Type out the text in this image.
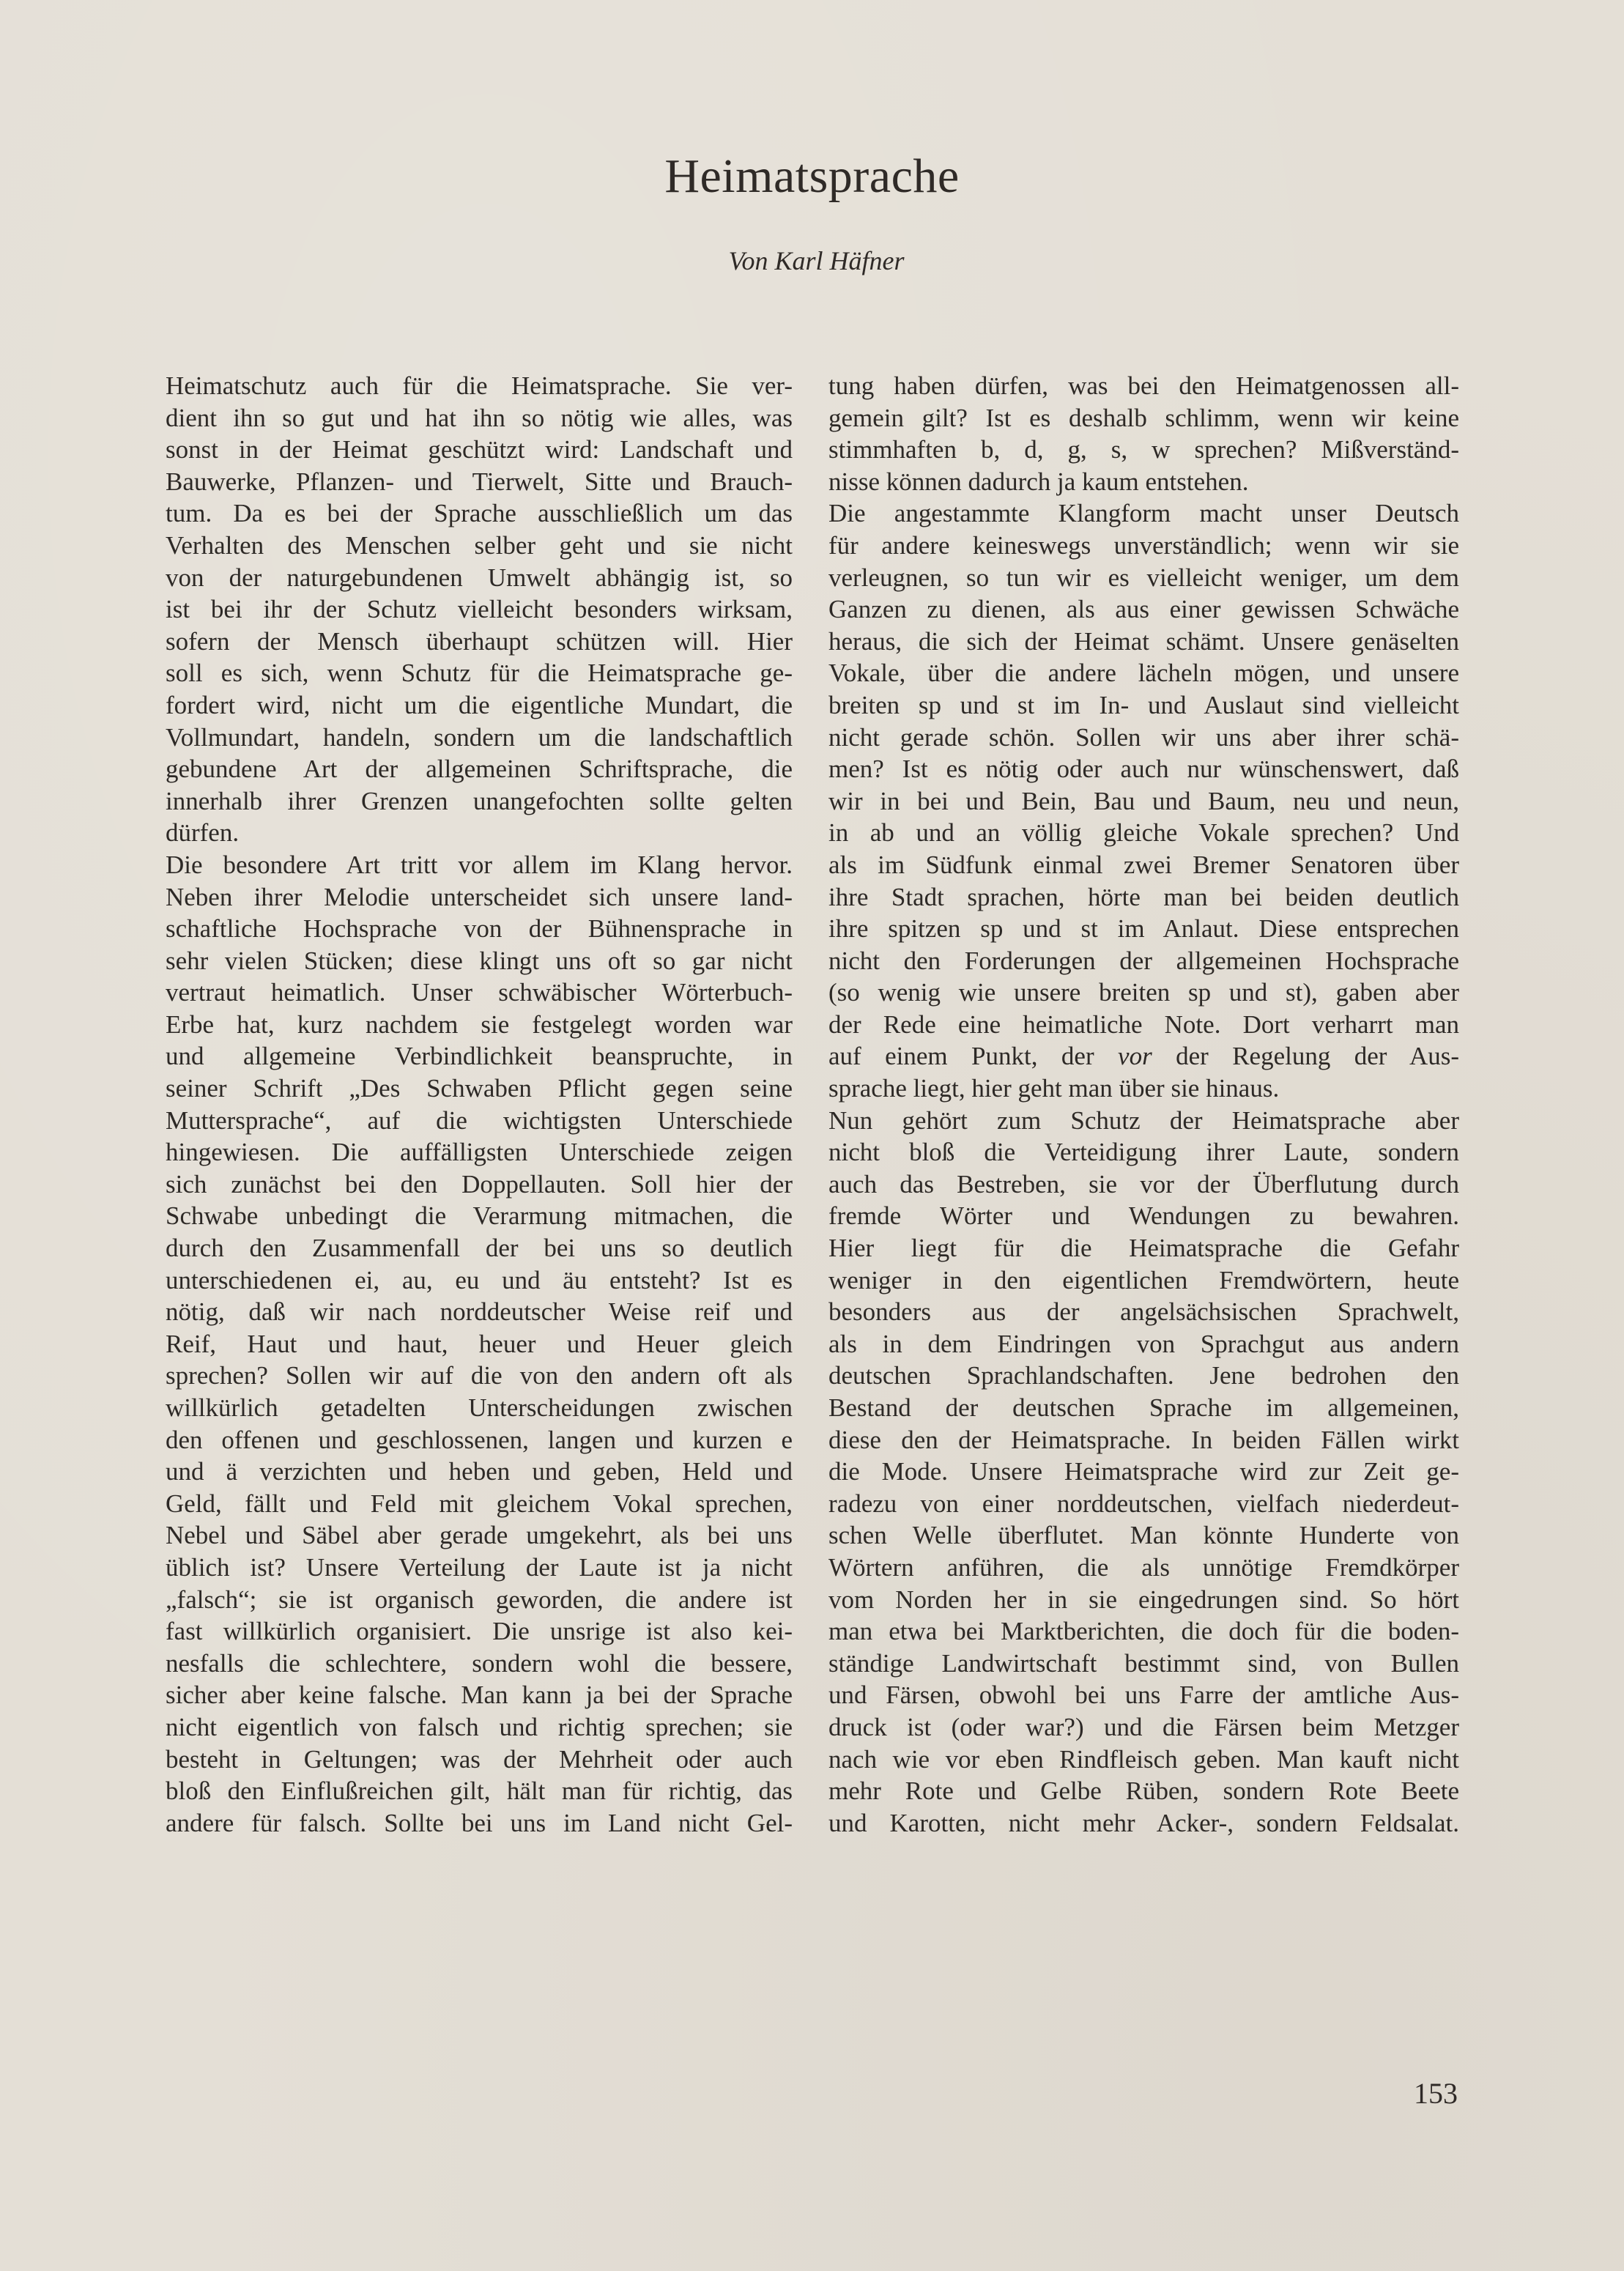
Heimatsprache
Von Karl Häfner
Heimatschutz auch für die Heimatsprache. Sie ver-
dient ihn so gut und hat ihn so nötig wie alles, was
sonst in der Heimat geschützt wird: Landschaft und
Bauwerke, Pflanzen- und Tierwelt, Sitte und Brauch-
tum. Da es bei der Sprache ausschließlich um das
Verhalten des Menschen selber geht und sie nicht
von der naturgebundenen Umwelt abhängig ist, so
ist bei ihr der Schutz vielleicht besonders wirksam,
sofern der Mensch überhaupt schützen will. Hier
soll es sich, wenn Schutz für die Heimatsprache ge-
fordert wird, nicht um die eigentliche Mundart, die
Vollmundart, handeln, sondern um die landschaftlich
gebundene Art der allgemeinen Schriftsprache, die
innerhalb ihrer Grenzen unangefochten sollte gelten
dürfen.
Die besondere Art tritt vor allem im Klang hervor.
Neben ihrer Melodie unterscheidet sich unsere land-
schaftliche Hochsprache von der Bühnensprache in
sehr vielen Stücken; diese klingt uns oft so gar nicht
vertraut heimatlich. Unser schwäbischer Wörterbuch-
Erbe hat, kurz nachdem sie festgelegt worden war
und allgemeine Verbindlichkeit beanspruchte, in
seiner Schrift „Des Schwaben Pflicht gegen seine
Muttersprache“, auf die wichtigsten Unterschiede
hingewiesen. Die auffälligsten Unterschiede zeigen
sich zunächst bei den Doppellauten. Soll hier der
Schwabe unbedingt die Verarmung mitmachen, die
durch den Zusammenfall der bei uns so deutlich
unterschiedenen ei, au, eu und äu entsteht? Ist es
nötig, daß wir nach norddeutscher Weise reif und
Reif, Haut und haut, heuer und Heuer gleich
sprechen? Sollen wir auf die von den andern oft als
willkürlich getadelten Unterscheidungen zwischen
den offenen und geschlossenen, langen und kurzen e
und ä verzichten und heben und geben, Held und
Geld, fällt und Feld mit gleichem Vokal sprechen,
Nebel und Säbel aber gerade umgekehrt, als bei uns
üblich ist? Unsere Verteilung der Laute ist ja nicht
„falsch“; sie ist organisch geworden, die andere ist
fast willkürlich organisiert. Die unsrige ist also kei-
nesfalls die schlechtere, sondern wohl die bessere,
sicher aber keine falsche. Man kann ja bei der Sprache
nicht eigentlich von falsch und richtig sprechen; sie
besteht in Geltungen; was der Mehrheit oder auch
bloß den Einflußreichen gilt, hält man für richtig, das
andere für falsch. Sollte bei uns im Land nicht Gel-
tung haben dürfen, was bei den Heimatgenossen all-
gemein gilt? Ist es deshalb schlimm, wenn wir keine
stimmhaften b, d, g, s, w sprechen? Mißverständ-
nisse können dadurch ja kaum entstehen.
Die angestammte Klangform macht unser Deutsch
für andere keineswegs unverständlich; wenn wir sie
verleugnen, so tun wir es vielleicht weniger, um dem
Ganzen zu dienen, als aus einer gewissen Schwäche
heraus, die sich der Heimat schämt. Unsere genäselten
Vokale, über die andere lächeln mögen, und unsere
breiten sp und st im In- und Auslaut sind vielleicht
nicht gerade schön. Sollen wir uns aber ihrer schä-
men? Ist es nötig oder auch nur wünschenswert, daß
wir in bei und Bein, Bau und Baum, neu und neun,
in ab und an völlig gleiche Vokale sprechen? Und
als im Südfunk einmal zwei Bremer Senatoren über
ihre Stadt sprachen, hörte man bei beiden deutlich
ihre spitzen sp und st im Anlaut. Diese entsprechen
nicht den Forderungen der allgemeinen Hochsprache
(so wenig wie unsere breiten sp und st), gaben aber
der Rede eine heimatliche Note. Dort verharrt man
auf einem Punkt, der vor der Regelung der Aus-
sprache liegt, hier geht man über sie hinaus.
Nun gehört zum Schutz der Heimatsprache aber
nicht bloß die Verteidigung ihrer Laute, sondern
auch das Bestreben, sie vor der Überflutung durch
fremde Wörter und Wendungen zu bewahren.
Hier liegt für die Heimatsprache die Gefahr
weniger in den eigentlichen Fremdwörtern, heute
besonders aus der angelsächsischen Sprachwelt,
als in dem Eindringen von Sprachgut aus andern
deutschen Sprachlandschaften. Jene bedrohen den
Bestand der deutschen Sprache im allgemeinen,
diese den der Heimatsprache. In beiden Fällen wirkt
die Mode. Unsere Heimatsprache wird zur Zeit ge-
radezu von einer norddeutschen, vielfach niederdeut-
schen Welle überflutet. Man könnte Hunderte von
Wörtern anführen, die als unnötige Fremdkörper
vom Norden her in sie eingedrungen sind. So hört
man etwa bei Marktberichten, die doch für die boden-
ständige Landwirtschaft bestimmt sind, von Bullen
und Färsen, obwohl bei uns Farre der amtliche Aus-
druck ist (oder war?) und die Färsen beim Metzger
nach wie vor eben Rindfleisch geben. Man kauft nicht
mehr Rote und Gelbe Rüben, sondern Rote Beete
und Karotten, nicht mehr Acker-, sondern Feldsalat.
153
